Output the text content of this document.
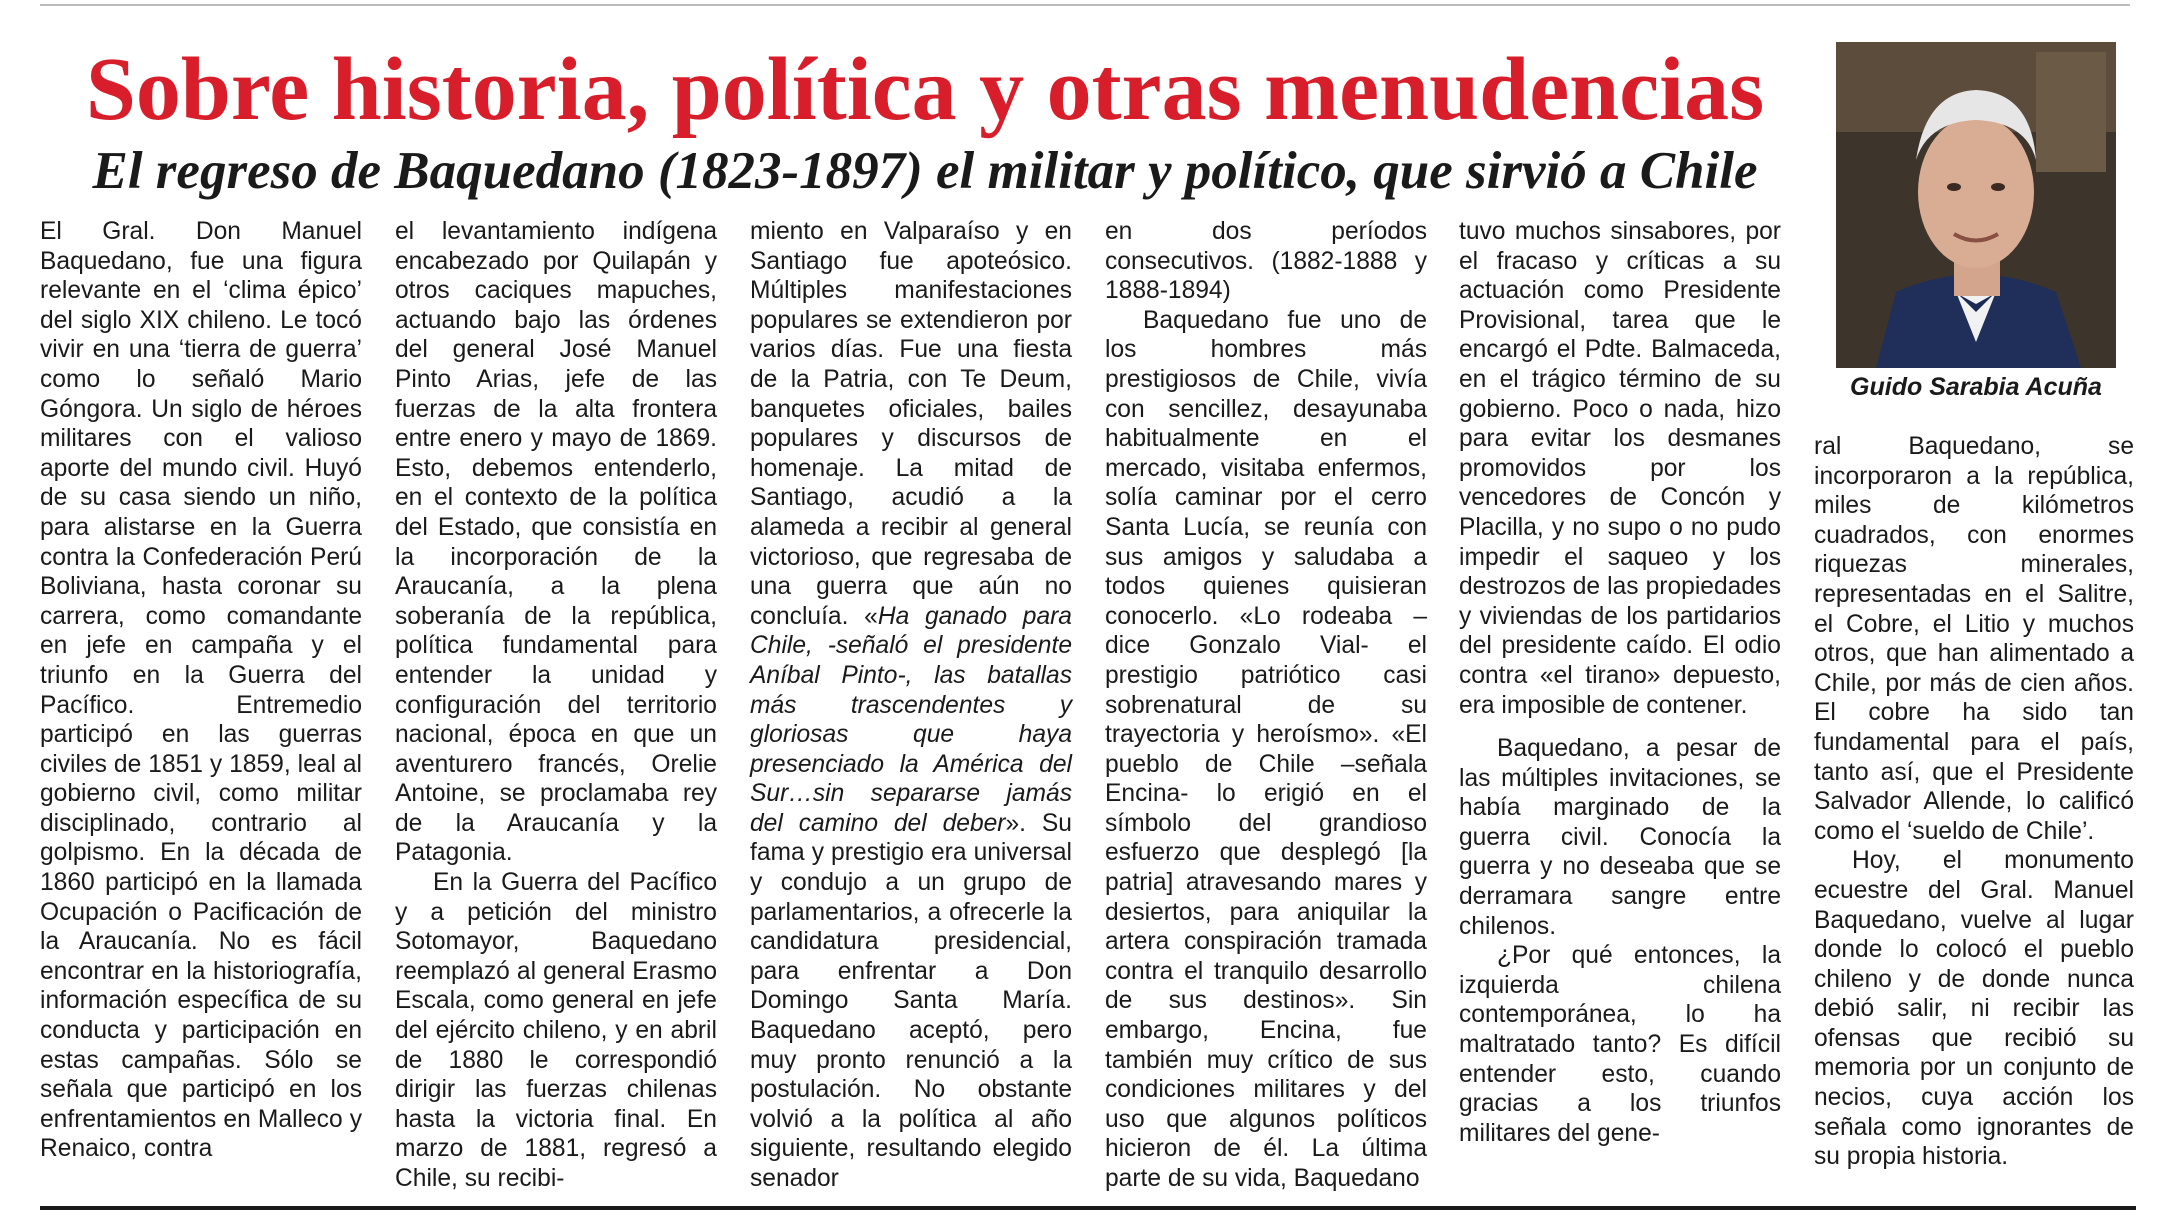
Sobre historia, política y otras menudencias
El regreso de Baquedano (1823-1897) el militar y político, que sirvió a Chile
Guido Sarabia Acuña

El Gral. Don Manuel Baquedano, fue una figura relevante en el ‘clima épico’ del siglo XIX chileno. Le tocó vivir en una ‘tierra de guerra’ como lo señaló Mario Góngora. Un siglo de héroes militares con el valioso aporte del mundo civil. Huyó de su casa siendo un niño, para alistarse en la Guerra contra la Confederación Perú Boliviana, hasta coronar su carrera, como comandante en jefe en campaña y el triunfo en la Guerra del Pacífico. Entremedio participó en las guerras civiles de 1851 y 1859, leal al gobierno civil, como militar disciplinado, contrario al golpismo. En la década de 1860 participó en la llamada Ocupación o Pacificación de la Araucanía. No es fácil encontrar en la historiografía, información específica de su conducta y participación en estas campañas. Sólo se señala que participó en los enfrentamientos en Malleco y Renaico, contra

el levantamiento indígena encabezado por Quilapán y otros caciques mapuches, actuando bajo las órdenes del general José Manuel Pinto Arias, jefe de las fuerzas de la alta frontera entre enero y mayo de 1869. Esto, debemos entenderlo, en el contexto de la política del Estado, que consistía en la incorporación de la Araucanía, a la plena soberanía de la república, política fundamental para entender la unidad y configuración del territorio nacional, época en que un aventurero francés, Orelie Antoine, se proclamaba rey de la Araucanía y la Patagonia.

En la Guerra del Pacífico y a petición del ministro Sotomayor, Baquedano reemplazó al general Erasmo Escala, como general en jefe del ejército chileno, y en abril de 1880 le correspondió dirigir las fuerzas chilenas hasta la victoria final. En marzo de 1881, regresó a Chile, su recibi-

miento en Valparaíso y en Santiago fue apoteósico. Múltiples manifestaciones populares se extendieron por varios días. Fue una fiesta de la Patria, con Te Deum, banquetes oficiales, bailes populares y discursos de homenaje. La mitad de Santiago, acudió a la alameda a recibir al general victorioso, que regresaba de una guerra que aún no concluía. «Ha ganado para Chile, -señaló el presidente Aníbal Pinto-, las batallas más trascendentes y gloriosas que haya presenciado la América del Sur…sin separarse jamás del camino del deber». Su fama y prestigio era universal y condujo a un grupo de parlamentarios, a ofrecerle la candidatura presidencial, para enfrentar a Don Domingo Santa María. Baquedano aceptó, pero muy pronto renunció a la postulación. No obstante volvió a la política al año siguiente, resultando elegido senador

en dos períodos consecutivos. (1882-1888 y 1888-1894)

Baquedano fue uno de los hombres más prestigiosos de Chile, vivía con sencillez, desayunaba habitualmente en el mercado, visitaba enfermos, solía caminar por el cerro Santa Lucía, se reunía con sus amigos y saludaba a todos quienes quisieran conocerlo. «Lo rodeaba – dice Gonzalo Vial- el prestigio patriótico casi sobrenatural de su trayectoria y heroísmo». «El pueblo de Chile –señala Encina- lo erigió en el símbolo del grandioso esfuerzo que desplegó [la patria] atravesando mares y desiertos, para aniquilar la artera conspiración tramada contra el tranquilo desarrollo de sus destinos». Sin embargo, Encina, fue también muy crítico de sus condiciones militares y del uso que algunos políticos hicieron de él. La última parte de su vida, Baquedano

tuvo muchos sinsabores, por el fracaso y críticas a su actuación como Presidente Provisional, tarea que le encargó el Pdte. Balmaceda, en el trágico término de su gobierno. Poco o nada, hizo para evitar los desmanes promovidos por los vencedores de Concón y Placilla, y no supo o no pudo impedir el saqueo y los destrozos de las propiedades y viviendas de los partidarios del presidente caído. El odio contra «el tirano» depuesto, era imposible de contener.

Baquedano, a pesar de las múltiples invitaciones, se había marginado de la guerra civil. Conocía la guerra y no deseaba que se derramara sangre entre chilenos.

¿Por qué entonces, la izquierda chilena contemporánea, lo ha maltratado tanto? Es difícil entender esto, cuando gracias a los triunfos militares del gene-

ral Baquedano, se incorporaron a la república, miles de kilómetros cuadrados, con enormes riquezas minerales, representadas en el Salitre, el Cobre, el Litio y muchos otros, que han alimentado a Chile, por más de cien años. El cobre ha sido tan fundamental para el país, tanto así, que el Presidente Salvador Allende, lo calificó como el ‘sueldo de Chile’.

Hoy, el monumento ecuestre del Gral. Manuel Baquedano, vuelve al lugar donde lo colocó el pueblo chileno y de donde nunca debió salir, ni recibir las ofensas que recibió su memoria por un conjunto de necios, cuya acción los señala como ignorantes de su propia historia.
